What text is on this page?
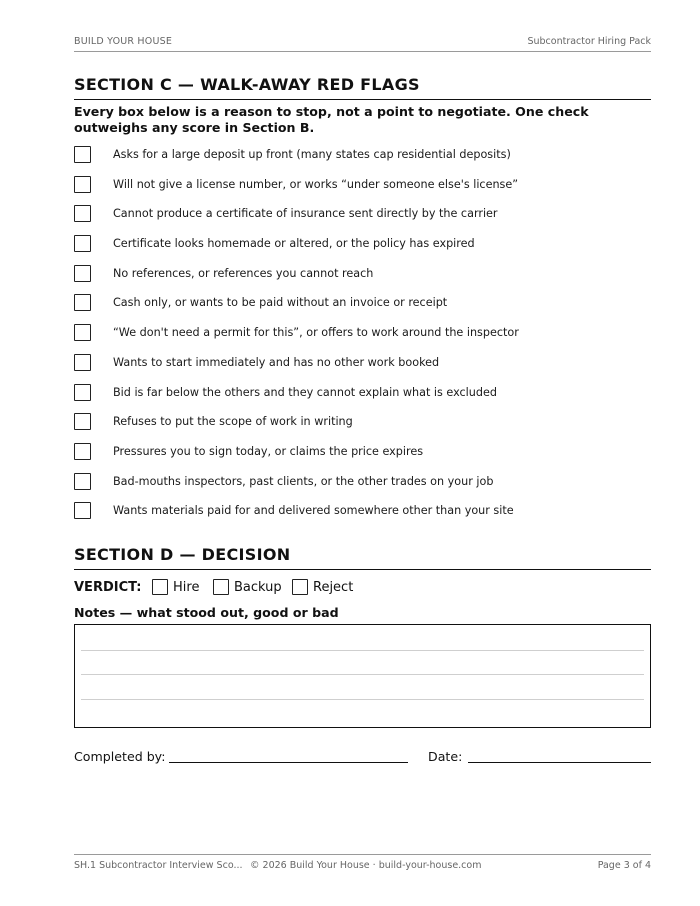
BUILD YOUR HOUSE	Subcontractor Hiring Pack
SECTION C — WALK-AWAY RED FLAGS
Every box below is a reason to stop, not a point to negotiate. One check outweighs any score in Section B.
Asks for a large deposit up front (many states cap residential deposits)
Will not give a license number, or works “under someone else's license”
Cannot produce a certificate of insurance sent directly by the carrier
Certificate looks homemade or altered, or the policy has expired
No references, or references you cannot reach
Cash only, or wants to be paid without an invoice or receipt
“We don't need a permit for this”, or offers to work around the inspector
Wants to start immediately and has no other work booked
Bid is far below the others and they cannot explain what is excluded
Refuses to put the scope of work in writing
Pressures you to sign today, or claims the price expires
Bad-mouths inspectors, past clients, or the other trades on your job
Wants materials paid for and delivered somewhere other than your site
SECTION D — DECISION
VERDICT: Hire	Backup Reject
Notes — what stood out, good or bad
Completed by:	Date:
SH.1 Subcontractor Interview Sco... © 2026 Build Your House · build-your-house.com	Page 3 of 4
